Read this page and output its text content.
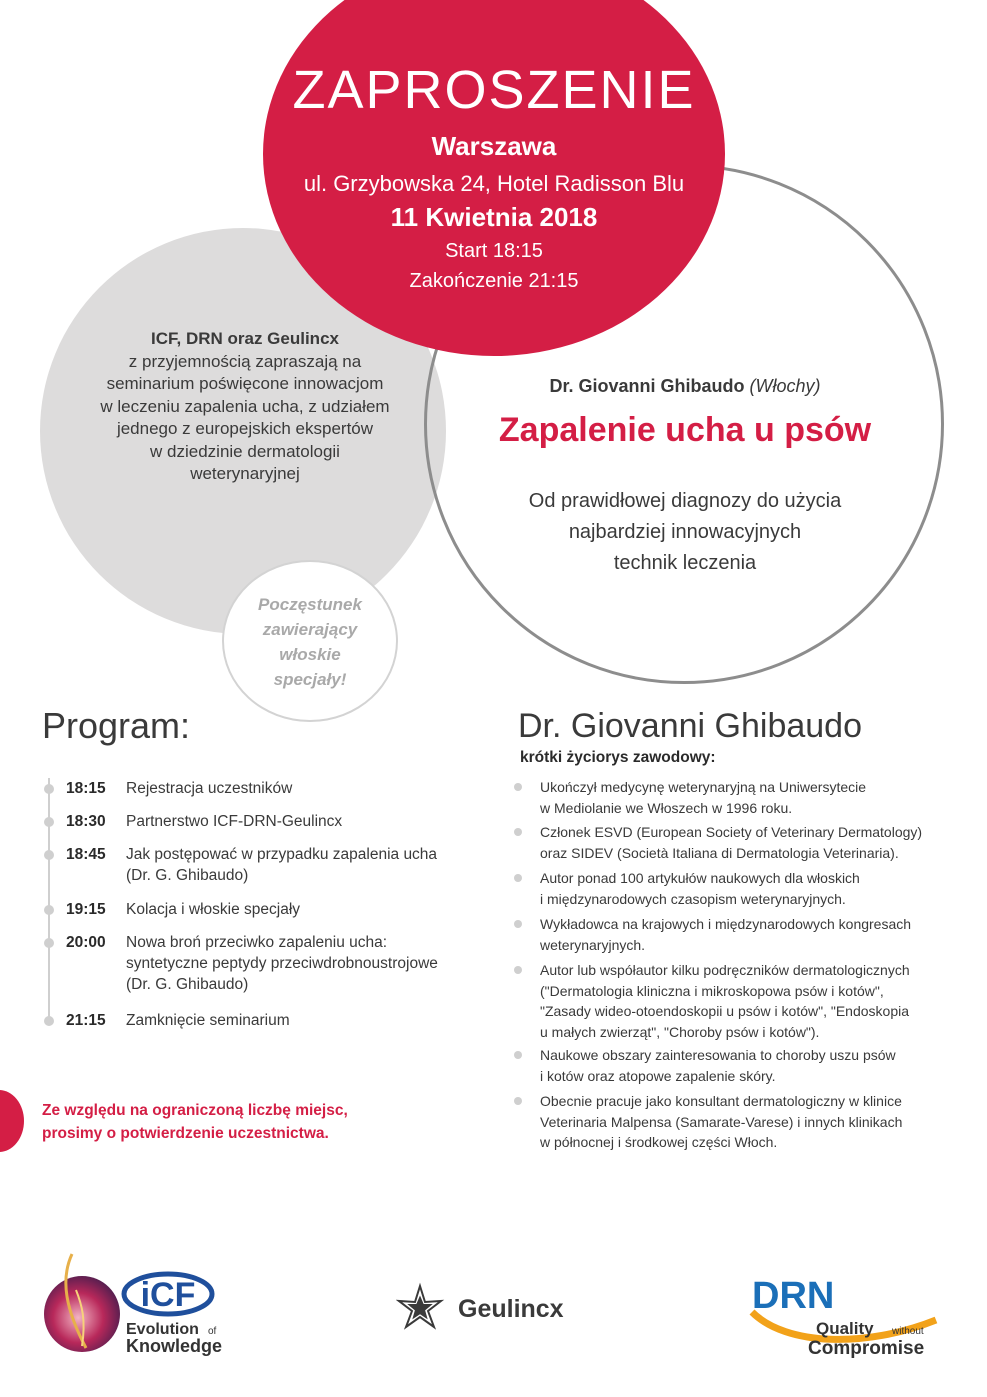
ZAPROSZENIE
Warszawa
ul. Grzybowska 24, Hotel Radisson Blu
11 Kwietnia 2018
Start 18:15
Zakończenie 21:15
ICF, DRN oraz Geulincx
z przyjemnością zapraszają na
seminarium poświęcone innowacjom
w leczeniu zapalenia ucha, z udziałem
jednego z europejskich ekspertów
w dziedzinie dermatologii
weterynaryjnej
Dr. Giovanni Ghibaudo (Włochy)
Zapalenie ucha u psów
Od prawidłowej diagnozy do użycia
najbardziej innowacyjnych
technik leczenia
Poczęstunek
zawierający
włoskie
specjały!
Program:
18:15 Rejestracja uczestników
18:30 Partnerstwo ICF-DRN-Geulincx
18:45 Jak postępować w przypadku zapalenia ucha
(Dr. G. Ghibaudo)
19:15 Kolacja i włoskie specjały
20:00 Nowa broń przeciwko zapaleniu ucha:
syntetyczne peptydy przeciwdrobnoustrojowe
(Dr. G. Ghibaudo)
21:15 Zamknięcie seminarium
Ze względu na ograniczoną liczbę miejsc,
prosimy o potwierdzenie uczestnictwa.
Dr. Giovanni Ghibaudo
krótki życiorys zawodowy:
Ukończył medycynę weterynaryjną na Uniwersytecie
w Mediolanie we Włoszech w 1996 roku.
Członek ESVD (European Society of Veterinary Dermatology)
oraz SIDEV (Società Italiana di Dermatologia Veterinaria).
Autor ponad 100 artykułów naukowych dla włoskich
i międzynarodowych czasopism weterynaryjnych.
Wykładowca na krajowych i międzynarodowych kongresach
weterynaryjnych.
Autor lub współautor kilku podręczników dermatologicznych
("Dermatologia kliniczna i mikroskopowa psów i kotów",
"Zasady wideo-otoendoskopii u psów i kotów", "Endoskopia
u małych zwierząt", "Choroby psów i kotów").
Naukowe obszary zainteresowania to choroby uszu psów
i kotów oraz atopowe zapalenie skóry.
Obecnie pracuje jako konsultant dermatologiczny w klinice
Veterinaria Malpensa (Samarate-Varese) i innych klinikach
w północnej i środkowej części Włoch.
iCF
Evolution of
Knowledge
Geulincx	DRN
Quality without
Compromise
